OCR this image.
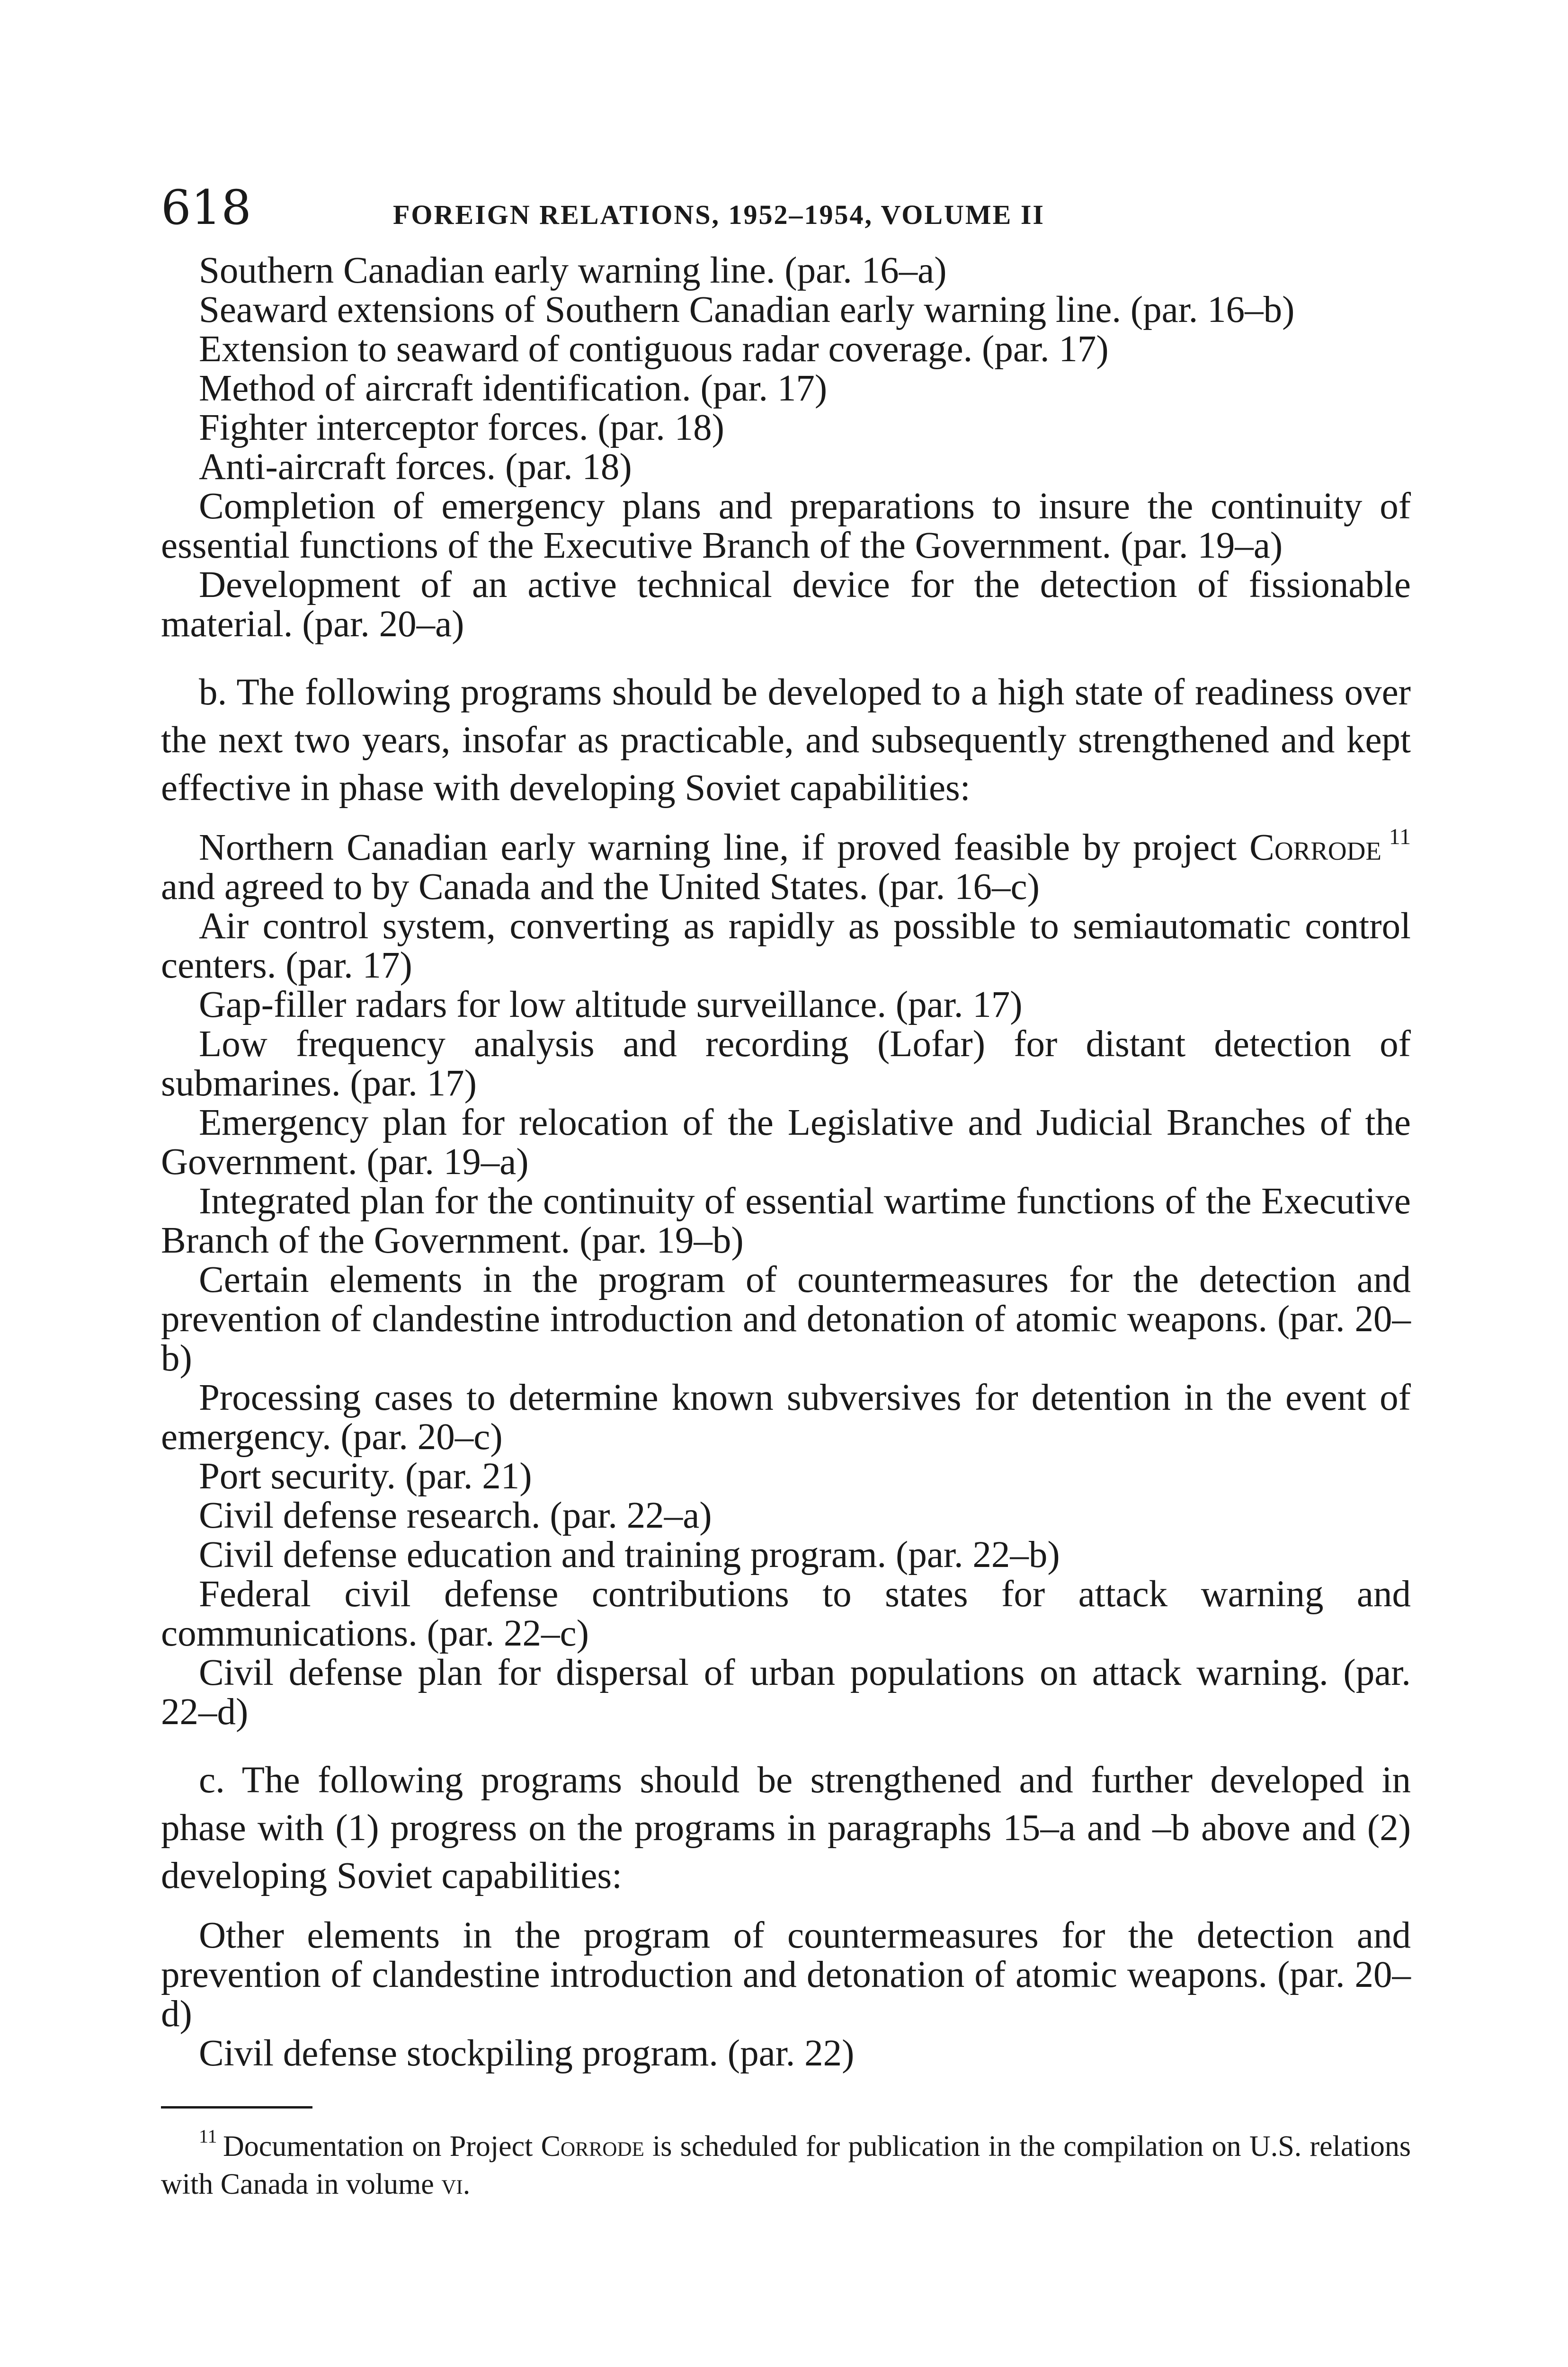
618	FOREIGN RELATIONS, 1952–1954, VOLUME II

Southern Canadian early warning line. (par. 16–a)

Seaward extensions of Southern Canadian early warning line. (par. 16–b)

Extension to seaward of contiguous radar coverage. (par. 17)

Method of aircraft identification. (par. 17)

Fighter interceptor forces. (par. 18)

Anti-aircraft forces. (par. 18)

Completion of emergency plans and preparations to insure the continuity of essential functions of the Executive Branch of the Government. (par. 19–a)

Development of an active technical device for the detection of fissionable material. (par. 20–a)

b. The following programs should be developed to a high state of readiness over the next two years, insofar as practicable, and subsequently strengthened and kept effective in phase with developing Soviet capabilities:

Northern Canadian early warning line, if proved feasible by project Corrode  $^{11}$ and agreed to by Canada and the United States. (par. 16–c)

Air control system, converting as rapidly as possible to semiautomatic control centers. (par. 17)

Gap-filler radars for low altitude surveillance. (par. 17)

Low frequency analysis and recording (Lofar) for distant detection of submarines. (par. 17)

Emergency plan for relocation of the Legislative and Judicial Branches of the Government. (par. 19–a)

Integrated plan for the continuity of essential wartime functions of the Executive Branch of the Government. (par. 19–b)

Certain elements in the program of countermeasures for the detection and prevention of clandestine introduction and detonation of atomic weapons. (par. 20–b)

Processing cases to determine known subversives for detention in the event of emergency. (par. 20–c)

Port security. (par. 21)

Civil defense research. (par. 22–a)

Civil defense education and training program. (par. 22–b)

Federal civil defense contributions to states for attack warning and communications. (par. 22–c)

Civil defense plan for dispersal of urban populations on attack warning. (par. 22–d)

c. The following programs should be strengthened and further developed in phase with (1) progress on the programs in paragraphs 15–a and –b above and (2) developing Soviet capabilities:

Other elements in the program of countermeasures for the detection and prevention of clandestine introduction and detonation of atomic weapons. (par. 20–d)

Civil defense stockpiling program. (par. 22)

$^{11}$  Documentation on Project Corrode is scheduled for publication in the compilation on U.S. relations with Canada in volume vi.
